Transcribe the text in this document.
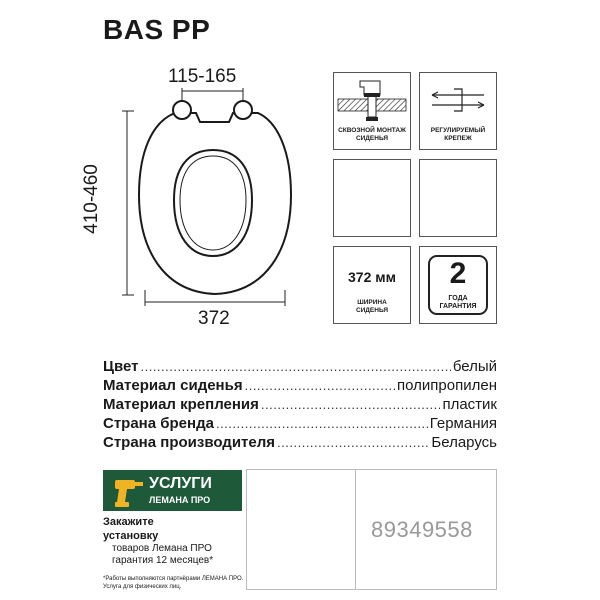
BAS PP
115-165
410-460
372
СКВОЗНОЙ МОНТАЖ
СИДЕНЬЯ
РЕГУЛИРУЕМЫЙ
КРЕПЕЖ
372 мм
ШИРИНА
СИДЕНЬЯ
2
ГОДА
ГАРАНТИЯ
Цвет .....	белый
Материал сиденья .....	полипропилен
Материал крепления .....	пластик
Страна бренда .....	Германия
Страна производителя .....	Беларусь
УСЛУГИ
ЛЕМАНА ПРО
Закажите
установку
товаров Лемана ПРО
гарантия 12 месяцев*
*Работы выполняются партнёрами ЛЕМАНА ПРО.
Услуга для физических лиц.
89349558
